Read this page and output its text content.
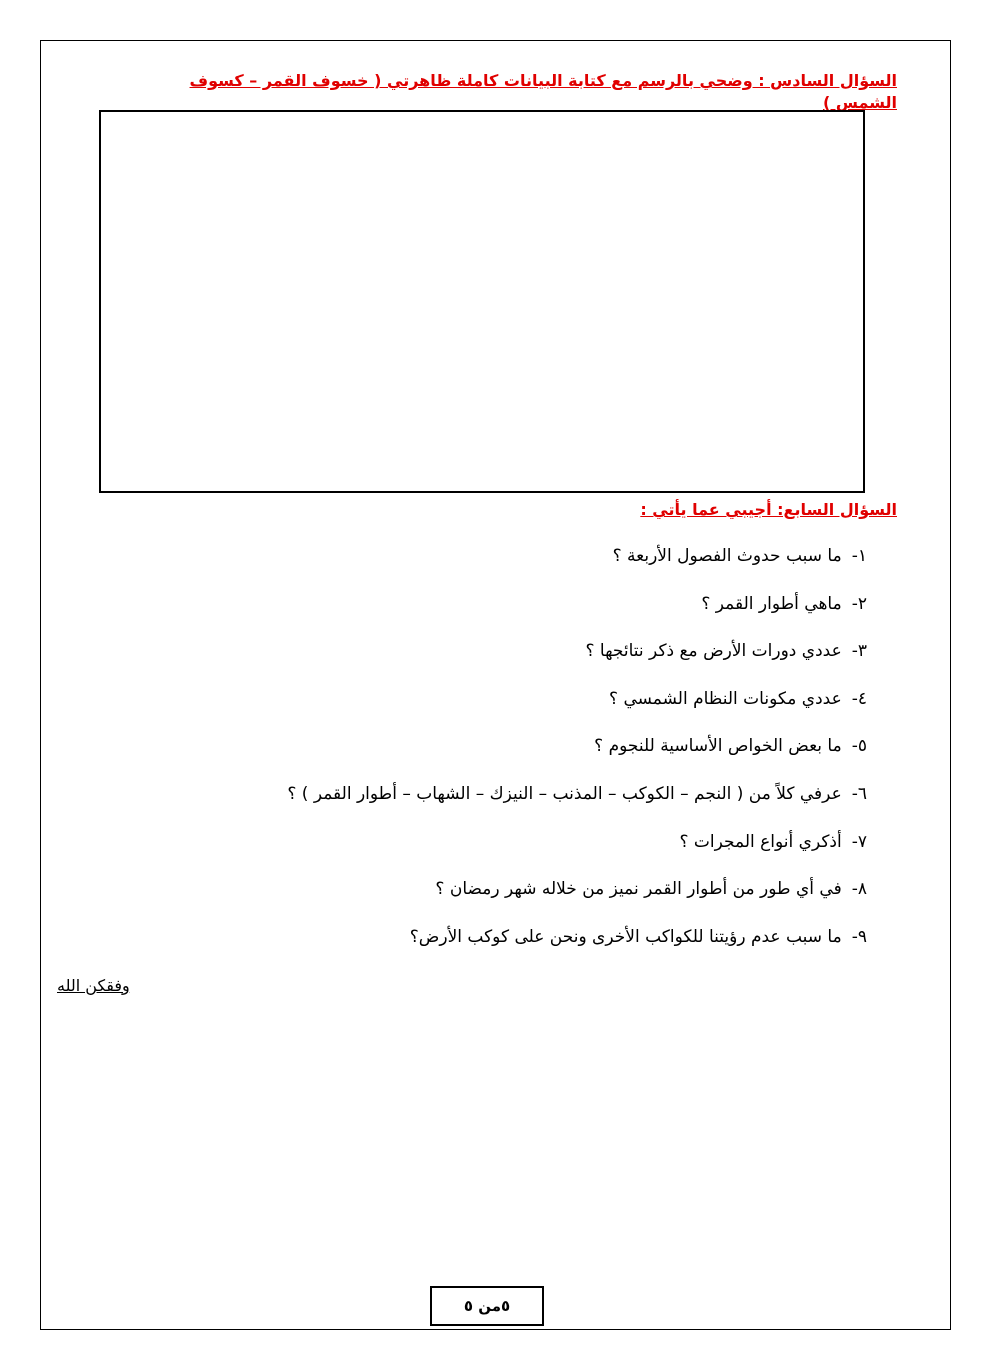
السؤال السادس : وضحي بالرسم مع كتابة البيانات كاملة ظاهرتي ( خسوف القمر – كسوف الشمس )
السؤال السابع: أجيبي عما يأتي :
١-ما سبب حدوث الفصول الأربعة ؟
٢-ماهي أطوار القمر ؟
٣-عددي دورات الأرض مع ذكر نتائجها ؟
٤-عددي مكونات النظام الشمسي ؟
٥-ما بعض الخواص الأساسية للنجوم ؟
٦-عرفي كلاً من ( النجم – الكوكب – المذنب – النيزك – الشهاب – أطوار القمر ) ؟
٧-أذكري أنواع المجرات ؟
٨-في أي طور من أطوار القمر نميز من خلاله شهر رمضان ؟
٩-ما سبب عدم رؤيتنا للكواكب الأخرى ونحن على كوكب الأرض؟
وفقكن الله
٥من ٥
